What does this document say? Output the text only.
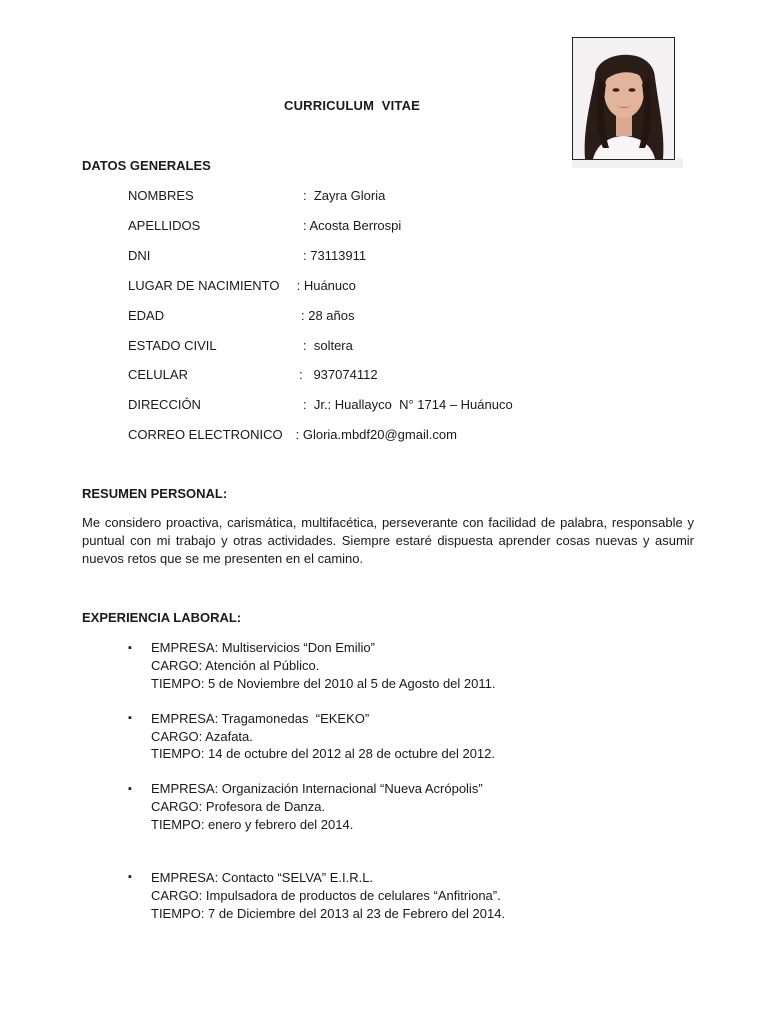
CURRICULUM  VITAE
DATOS GENERALES
NOMBRES	:  Zayra Gloria
APELLIDOS	: Acosta Berrospi
DNI	: 73113911
LUGAR DE NACIMIENTO : Huánuco
EDAD	: 28 años
ESTADO CIVIL	:  soltera
CELULAR	:   937074112
DIRECCIÓN	:  Jr.: Huallayco  N° 1714 – Huánuco
CORREO ELECTRONICO : Gloria.mbdf20@gmail.com
RESUMEN PERSONAL:
Me considero proactiva, carismática, multifacética, perseverante con facilidad de palabra, responsable y puntual con mi trabajo y otras actividades. Siempre estaré dispuesta aprender cosas nuevas y asumir nuevos retos que se me presenten en el camino.
EXPERIENCIA LABORAL:
▪ EMPRESA: Multiservicios “Don Emilio”
CARGO: Atención al Público.
TIEMPO: 5 de Noviembre del 2010 al 5 de Agosto del 2011.
▪ EMPRESA: Tragamonedas  “EKEKO”
CARGO: Azafata.
TIEMPO: 14 de octubre del 2012 al 28 de octubre del 2012.
▪ EMPRESA: Organización Internacional “Nueva Acrópolis”
CARGO: Profesora de Danza.
TIEMPO: enero y febrero del 2014.
▪ EMPRESA: Contacto “SELVA” E.I.R.L.
CARGO: Impulsadora de productos de celulares “Anfitriona”.
TIEMPO: 7 de Diciembre del 2013 al 23 de Febrero del 2014.
